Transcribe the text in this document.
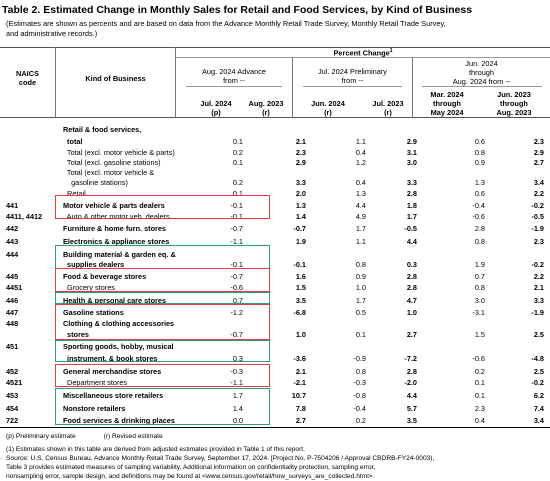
Table 2. Estimated Change in Monthly Sales for Retail and Food Services, by Kind of Business
(Estimates are shown as percents and are based on data from the Advance Monthly Retail Trade Survey, Monthly Retail Trade Survey,
and administrative records.)
NAICS
code	Kind of Business
Percent Change$^1$
Aug. 2024 Advance
from --
Jul. 2024 Preliminary
from --
Jun. 2024
through
Aug. 2024 from --
Jul. 2024
(p)
Aug. 2023
(r)
Jun. 2024
(r)
Jul. 2023
(r)
Mar. 2024
through
May 2024
Jun. 2023
through
Aug. 2023
Retail & food services,
total	0.1	2.1	1.1	2.9	0.6	2.3
Total (excl. motor vehicle & parts)	0.2	2.3	0.4	3.1	0.8	2.9
Total (excl. gasoline stations)	0.1	2.9	1.2	3.0	0.9	2.7
Total (excl. motor vehicle &
gasoline stations)	0.2	3.3	0.4	3.3	1.3	3.4
Retail	0.1	2.0	1.3	2.8	0.6	2.2
441	Motor vehicle & parts dealers	-0.1	1.3	4.4	1.8	-0.4	-0.2
4411, 4412	Auto & other motor veh. dealers	-0.1	1.4	4.9	1.7	-0.6	-0.5
442	Furniture & home furn. stores	-0.7	-0.7	1.7	-0.5	2.8	-1.9
443	Electronics & appliance stores	-1.1	1.9	1.1	4.4	0.8	2.3
444	Building material & garden eq. &
supplies dealers	-0.1	-0.1	0.8	0.3	1.9	-0.2
445	Food & beverage stores	-0.7	1.6	0.9	2.8	0.7	2.2
4451	Grocery stores	-0.6	1.5	1.0	2.8	0.8	2.1
446	Health & personal care stores	0.7	3.5	1.7	4.7	3.0	3.3
447	Gasoline stations	-1.2	-6.8	0.5	1.0	-3.1	-1.9
448	Clothing & clothing accessories
stores	-0.7	1.0	0.1	2.7	1.5	2.5
451	Sporting goods, hobby, musical
instrument, & book stores	0.3	-3.6	-0.9	-7.2	-0.6	-4.8
452	General merchandise stores	-0.3	2.1	0.8	2.8	0.2	2.5
4521	Department stores	-1.1	-2.1	-0.3	-2.0	0.1	-0.2
453	Miscellaneous store retailers	1.7	10.7	-0.8	4.4	0.1	6.2
454	Nonstore retailers	1.4	7.8	-0.4	5.7	2.3	7.4
722	Food services & drinking places	0.0	2.7	0.2	3.5	0.4	3.4
(p) Preliminary estimate	(r) Revised estimate
(1) Estimates shown in this table are derived from adjusted estimates provided in Table 1 of this report.
Source: U.S. Census Bureau, Advance Monthly Retail Trade Survey, September 17, 2024. [Project No. P-7504206 / Approval CBDRB-FY24-0003),
Table 3 provides estimated measures of sampling variability. Additional information on confidentiality protection, sampling error,
nonsampling error, sample design, and definitions may be found at <www.census.gov/retail/how_surveys_are_collected.html>.
